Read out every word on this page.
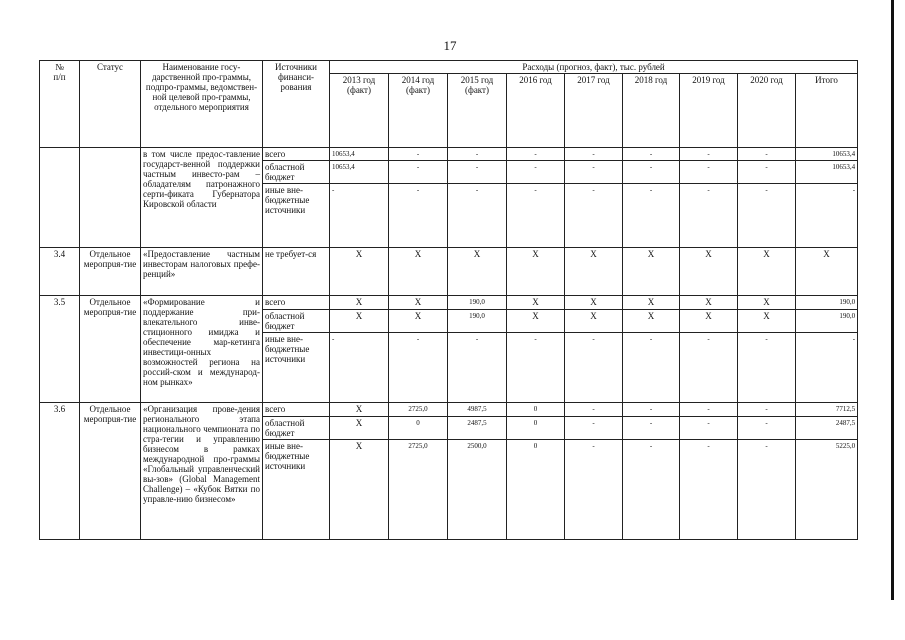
17
№
п/п	Статус	Наименование госу-дарственной про-граммы, подпро-граммы, ведомствен-ной целевой про-граммы, отдельного мероприятия	Источники финанси-рования	Расходы (прогноз, факт), тыс. рублей								
				2013 год (факт)	2014 год (факт)	2015 год (факт)	2016 год	2017 год	2018 год	2019 год	2020 год	Итого
		в том числе предос-тавление государст-венной поддержки частным инвесто-рам – обладателям патронажного серти-фиката Губернатора Кировской области	всего	10653,4	-	-	-	-	-	-	-	10653,4
			областной бюджет	10653,4	-	-	-	-	-	-	-	10653,4
			иные вне-бюджетные источники	-	-	-	-	-	-	-	-	-
3.4	Отдельное меропрuя-тие	«Предоставление частным инвесторам налоговых префе-ренций»	не требует-ся	X	X	X	X	X	X	X	X	X
3.5	Отдельное меропрuя-тие	«Формирование и поддержание при-влекательного инве-стиционного имиджа и обеспечение мар-кетинга инвестици-онных возможностей региона на россий-ском и международ-ном рынках»	всего	X	X	190,0	X	X	X	X	X	190,0
			областной бюджет	X	X	190,0	X	X	X	X	X	190,0
			иные вне-бюджетные источники	-	-	-	-	-	-	-	-	-
3.6	Отдельное меропрuя-тие	«Организация прове-дения регионального этапа национального чемпионата по стра-тегии и управлению бизнесом в рамках международной про-граммы «Глобальный управленческий вы-зов» (Global Management Challenge) – «Кубок Вятки по управле-нию бизнесом»	всего	X	2725,0	4987,5	0	-	-	-	-	7712,5
			областной бюджет	X	0	2487,5	0	-	-	-	-	2487,5
			иные вне-бюджетные источники	X	2725,0	2500,0	0	-	-	-	-	5225,0
